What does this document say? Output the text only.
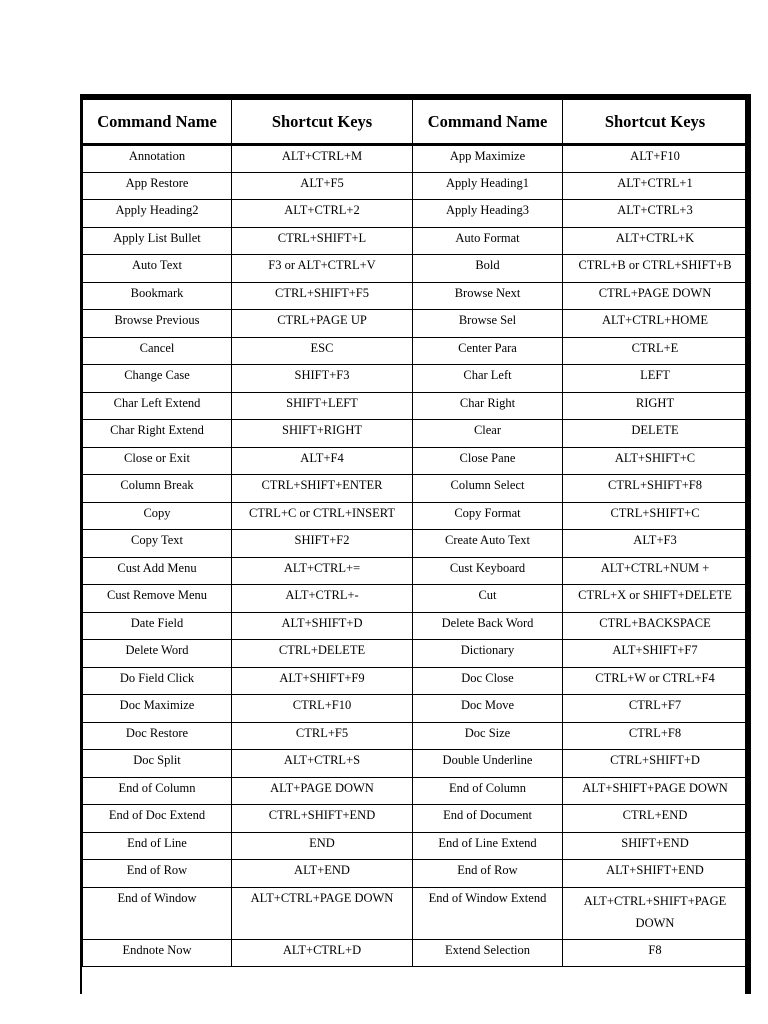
Command Name	Shortcut Keys	Command Name	Shortcut Keys
Annotation	ALT+CTRL+M	App Maximize	ALT+F10
App Restore	ALT+F5	Apply Heading1	ALT+CTRL+1
Apply Heading2	ALT+CTRL+2	Apply Heading3	ALT+CTRL+3
Apply List Bullet	CTRL+SHIFT+L	Auto Format	ALT+CTRL+K
Auto Text	F3 or ALT+CTRL+V	Bold	CTRL+B or CTRL+SHIFT+B
Bookmark	CTRL+SHIFT+F5	Browse Next	CTRL+PAGE DOWN
Browse Previous	CTRL+PAGE UP	Browse Sel	ALT+CTRL+HOME
Cancel	ESC	Center Para	CTRL+E
Change Case	SHIFT+F3	Char Left	LEFT
Char Left Extend	SHIFT+LEFT	Char Right	RIGHT
Char Right Extend	SHIFT+RIGHT	Clear	DELETE
Close or Exit	ALT+F4	Close Pane	ALT+SHIFT+C
Column Break	CTRL+SHIFT+ENTER	Column Select	CTRL+SHIFT+F8
Copy	CTRL+C or CTRL+INSERT	Copy Format	CTRL+SHIFT+C
Copy Text	SHIFT+F2	Create Auto Text	ALT+F3
Cust Add Menu	ALT+CTRL+=	Cust Keyboard	ALT+CTRL+NUM +
Cust Remove Menu	ALT+CTRL+-	Cut	CTRL+X or SHIFT+DELETE
Date Field	ALT+SHIFT+D	Delete Back Word	CTRL+BACKSPACE
Delete Word	CTRL+DELETE	Dictionary	ALT+SHIFT+F7
Do Field Click	ALT+SHIFT+F9	Doc Close	CTRL+W or CTRL+F4
Doc Maximize	CTRL+F10	Doc Move	CTRL+F7
Doc Restore	CTRL+F5	Doc Size	CTRL+F8
Doc Split	ALT+CTRL+S	Double Underline	CTRL+SHIFT+D
End of Column	ALT+PAGE DOWN	End of Column	ALT+SHIFT+PAGE DOWN
End of Doc Extend	CTRL+SHIFT+END	End of Document	CTRL+END
End of Line	END	End of Line Extend	SHIFT+END
End of Row	ALT+END	End of Row	ALT+SHIFT+END
End of Window	ALT+CTRL+PAGE DOWN	End of Window Extend	ALT+CTRL+SHIFT+PAGE DOWN
Endnote Now	ALT+CTRL+D	Extend Selection	F8
